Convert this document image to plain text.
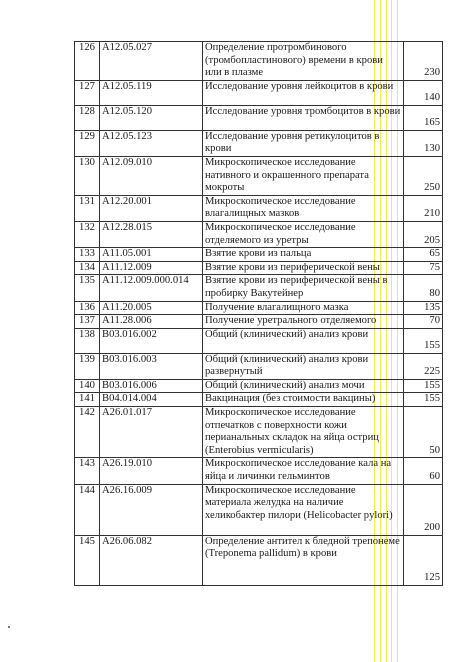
126	A12.05.027	Определение протромбинового (тромбопластинового) времени в крови или в плазме	230
127	A12.05.119	Исследование уровня лейкоцитов в крови	140
128	A12.05.120	Исследование уровня тромбоцитов в крови	165
129	A12.05.123	Исследование уровня ретикулоцитов в крови	130
130	A12.09.010	Микроскопическое исследование нативного и окрашенного препарата мокроты	250
131	A12.20.001	Микроскопическое исследование влагалищных мазков	210
132	A12.28.015	Микроскопическое исследование отделяемого из уретры	205
133	A11.05.001	Взятие крови из пальца	65
134	A11.12.009	Взятие крови из периферической вены	75
135	A11.12.009.000.014	Взятие крови из периферической вены в пробирку Вакутейнер	80
136	A11.20.005	Получение влагалищного мазка	135
137	A11.28.006	Получение уретрального отделяемого	70
138	B03.016.002	Общий (клинический) анализ крови	155
139	B03.016.003	Общий (клинический) анализ крови развернутый	225
140	B03.016.006	Общий (клинический) анализ мочи	155
141	B04.014.004	Вакцинация (без стоимости вакцины)	155
142	A26.01.017	Микроскопическое исследование отпечатков с поверхности кожи перианальных складок на яйца остриц (Enterobius vermicularis)	50
143	A26.19.010	Микроскопическое исследование кала на яйца и личинки гельминтов	60
144	A26.16.009	Микроскопическое исследование материала желудка на наличие хеликобактер пилори (Helicobacter pylori)	200
145	A26.06.082	Определение антител к бледной трепонеме (Treponema pallidum) в крови	125
